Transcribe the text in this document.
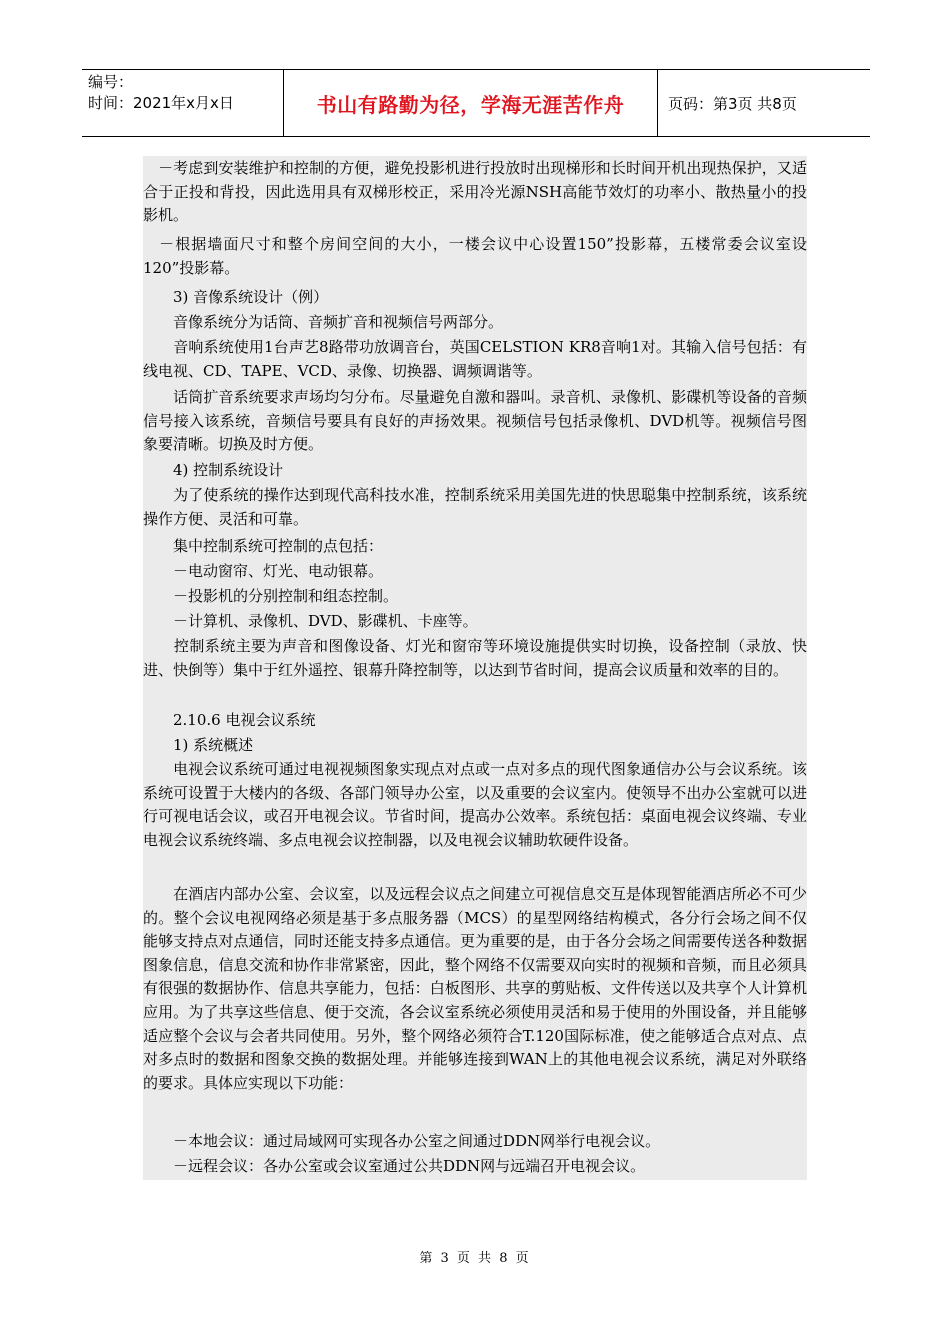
编号：
时间：2021年x月x日	书山有路勤为径，学海无涯苦作舟	页码：第3页 共8页

　－考虑到安装维护和控制的方便，避免投影机进行投放时出现梯形和长时间开机出现热保护，又适合于正投和背投，因此选用具有双梯形校正，采用冷光源NSH高能节效灯的功率小、散热量小的投影机。

　－根据墙面尺寸和整个房间空间的大小，一楼会议中心设置150”投影幕，五楼常委会议室设120”投影幕。

　　3) 音像系统设计（例）

　　音像系统分为话筒、音频扩音和视频信号两部分。

　　音响系统使用1台声艺8路带功放调音台，英国CELSTION KR8音响1对。其输入信号包括：有线电视、CD、TAPE、VCD、录像、切换器、调频调谐等。

　　话筒扩音系统要求声场均匀分布。尽量避免自激和器叫。录音机、录像机、影碟机等设备的音频信号接入该系统，音频信号要具有良好的声扬效果。视频信号包括录像机、DVD机等。视频信号图象要清晰。切换及时方便。

　　4) 控制系统设计

　　为了使系统的操作达到现代高科技水准，控制系统采用美国先进的快思聪集中控制系统，该系统操作方便、灵活和可靠。

　　集中控制系统可控制的点包括：

　　－电动窗帘、灯光、电动银幕。

　　－投影机的分别控制和组态控制。

　　－计算机、录像机、DVD、影碟机、卡座等。

　　控制系统主要为声音和图像设备、灯光和窗帘等环境设施提供实时切换，设备控制（录放、快进、快倒等）集中于红外遥控、银幕升降控制等，以达到节省时间，提高会议质量和效率的目的。

　　2.10.6 电视会议系统

　　1) 系统概述

　　电视会议系统可通过电视视频图象实现点对点或一点对多点的现代图象通信办公与会议系统。该系统可设置于大楼内的各级、各部门领导办公室，以及重要的会议室内。使领导不出办公室就可以进行可视电话会议，或召开电视会议。节省时间，提高办公效率。系统包括：桌面电视会议终端、专业电视会议系统终端、多点电视会议控制器，以及电视会议辅助软硬件设备。

　　在酒店内部办公室、会议室，以及远程会议点之间建立可视信息交互是体现智能酒店所必不可少的。整个会议电视网络必须是基于多点服务器（MCS）的星型网络结构模式，各分行会场之间不仅能够支持点对点通信，同时还能支持多点通信。更为重要的是，由于各分会场之间需要传送各种数据图象信息，信息交流和协作非常紧密，因此，整个网络不仅需要双向实时的视频和音频，而且必须具有很强的数据协作、信息共享能力，包括：白板图形、共享的剪贴板、文件传送以及共享个人计算机应用。为了共享这些信息、便于交流，各会议室系统必须使用灵活和易于使用的外围设备，并且能够适应整个会议与会者共同使用。另外，整个网络必须符合T.120国际标准，使之能够适合点对点、点对多点时的数据和图象交换的数据处理。并能够连接到WAN上的其他电视会议系统，满足对外联络的要求。具体应实现以下功能：

　　－本地会议：通过局域网可实现各办公室之间通过DDN网举行电视会议。

　　－远程会议：各办公室或会议室通过公共DDN网与远端召开电视会议。

第 3 页 共 8 页
